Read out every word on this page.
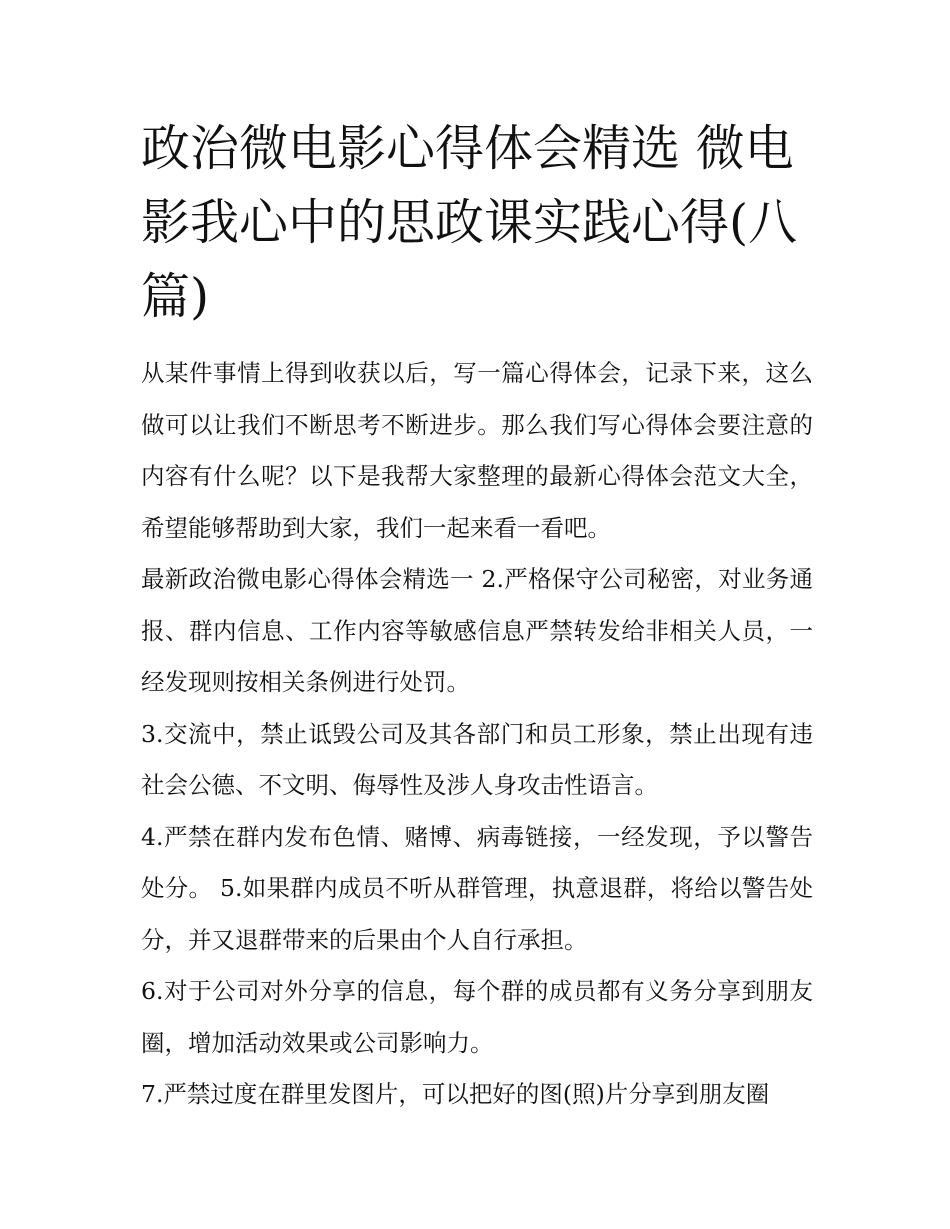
政治微电影心得体会精选 微电影我心中的思政课实践心得(八篇)

从某件事情上得到收获以后，写一篇心得体会，记录下来，这么做可以让我们不断思考不断进步。那么我们写心得体会要注意的内容有什么呢？以下是我帮大家整理的最新心得体会范文大全，希望能够帮助到大家，我们一起来看一看吧。

最新政治微电影心得体会精选一 2.严格保守公司秘密，对业务通报、群内信息、工作内容等敏感信息严禁转发给非相关人员，一经发现则按相关条例进行处罚。

3.交流中，禁止诋毁公司及其各部门和员工形象，禁止出现有违社会公德、不文明、侮辱性及涉人身攻击性语言。

4.严禁在群内发布色情、赌博、病毒链接，一经发现，予以警告处分。 5.如果群内成员不听从群管理，执意退群，将给以警告处分，并又退群带来的后果由个人自行承担。

6.对于公司对外分享的信息，每个群的成员都有义务分享到朋友圈，增加活动效果或公司影响力。

7.严禁过度在群里发图片，可以把好的图(照)片分享到朋友圈
